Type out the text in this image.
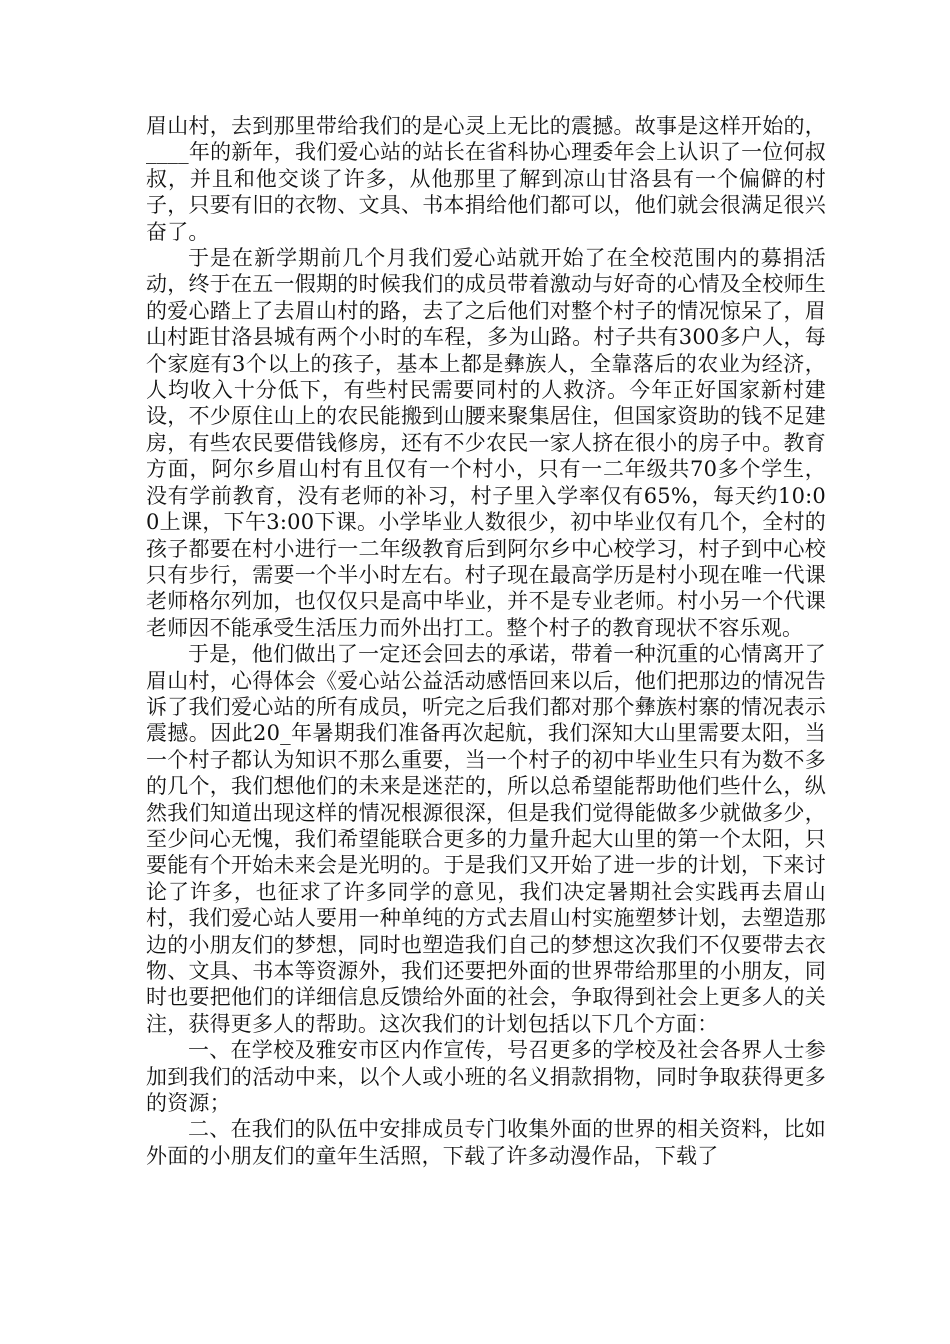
眉山村，去到那里带给我们的是心灵上无比的震撼。故事是这样开始的，____年的新年，我们爱心站的站长在省科协心理委年会上认识了一位何叔叔，并且和他交谈了许多，从他那里了解到凉山甘洛县有一个偏僻的村子，只要有旧的衣物、文具、书本捐给他们都可以，他们就会很满足很兴奋了。

于是在新学期前几个月我们爱心站就开始了在全校范围内的募捐活动，终于在五一假期的时候我们的成员带着激动与好奇的心情及全校师生的爱心踏上了去眉山村的路，去了之后他们对整个村子的情况惊呆了，眉山村距甘洛县城有两个小时的车程，多为山路。村子共有300多户人，每个家庭有3个以上的孩子，基本上都是彝族人，全靠落后的农业为经济，人均收入十分低下，有些村民需要同村的人救济。今年正好国家新村建设，不少原住山上的农民能搬到山腰来聚集居住，但国家资助的钱不足建房，有些农民要借钱修房，还有不少农民一家人挤在很小的房子中。教育方面，阿尔乡眉山村有且仅有一个村小，只有一二年级共70多个学生，没有学前教育，没有老师的补习，村子里入学率仅有65%，每天约10:00上课，下午3:00下课。小学毕业人数很少，初中毕业仅有几个，全村的孩子都要在村小进行一二年级教育后到阿尔乡中心校学习，村子到中心校只有步行，需要一个半小时左右。村子现在最高学历是村小现在唯一代课老师格尔列加，也仅仅只是高中毕业，并不是专业老师。村小另一个代课老师因不能承受生活压力而外出打工。整个村子的教育现状不容乐观。

于是，他们做出了一定还会回去的承诺，带着一种沉重的心情离开了眉山村，心得体会《爱心站公益活动感悟回来以后，他们把那边的情况告诉了我们爱心站的所有成员，听完之后我们都对那个彝族村寨的情况表示震撼。因此20_年暑期我们准备再次起航，我们深知大山里需要太阳，当一个村子都认为知识不那么重要，当一个村子的初中毕业生只有为数不多的几个，我们想他们的未来是迷茫的，所以总希望能帮助他们些什么，纵然我们知道出现这样的情况根源很深，但是我们觉得能做多少就做多少，至少问心无愧，我们希望能联合更多的力量升起大山里的第一个太阳，只要能有个开始未来会是光明的。于是我们又开始了进一步的计划，下来讨论了许多，也征求了许多同学的意见，我们决定暑期社会实践再去眉山村，我们爱心站人要用一种单纯的方式去眉山村实施塑梦计划，去塑造那边的小朋友们的梦想，同时也塑造我们自己的梦想这次我们不仅要带去衣物、文具、书本等资源外，我们还要把外面的世界带给那里的小朋友，同时也要把他们的详细信息反馈给外面的社会，争取得到社会上更多人的关注，获得更多人的帮助。这次我们的计划包括以下几个方面：

一、在学校及雅安市区内作宣传，号召更多的学校及社会各界人士参加到我们的活动中来，以个人或小班的名义捐款捐物，同时争取获得更多的资源；

二、在我们的队伍中安排成员专门收集外面的世界的相关资料，比如外面的小朋友们的童年生活照，下载了许多动漫作品，下载了
